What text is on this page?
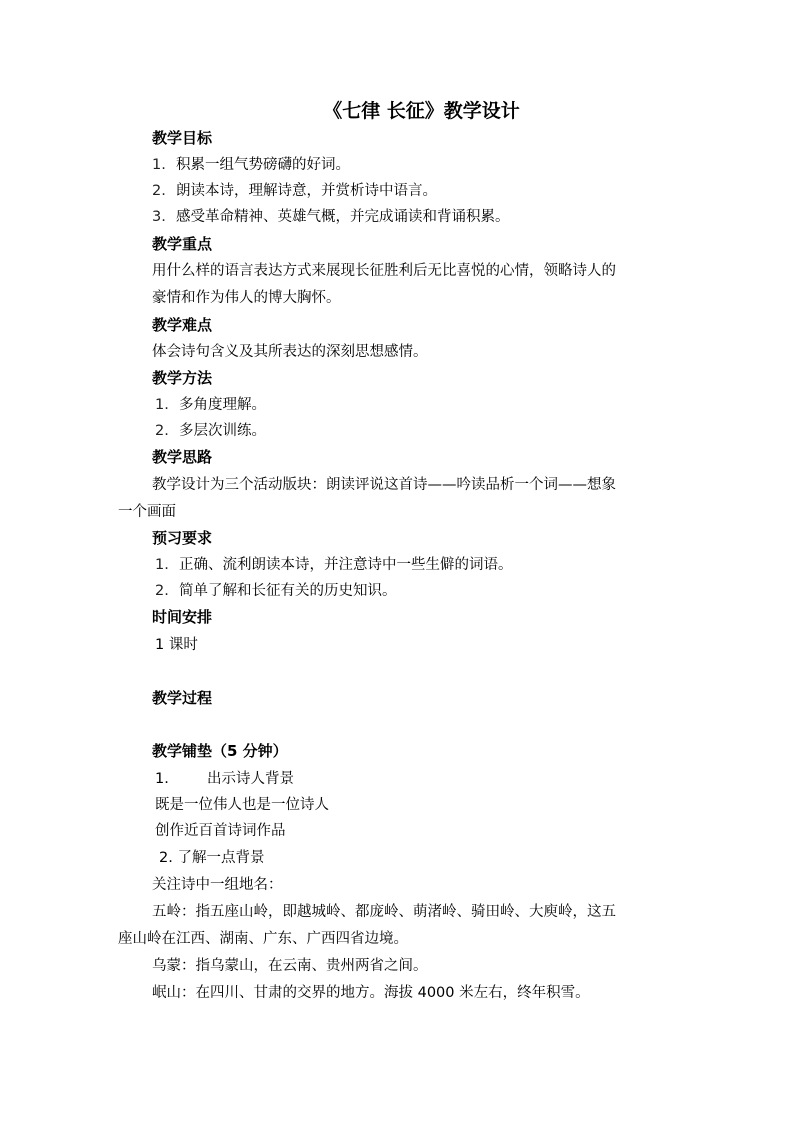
《七律 长征》教学设计
教学目标
1. 积累一组气势磅礴的好词。
2. 朗读本诗，理解诗意，并赏析诗中语言。
3. 感受革命精神、英雄气概，并完成诵读和背诵积累。
教学重点
用什么样的语言表达方式来展现长征胜利后无比喜悦的心情，领略诗人的
豪情和作为伟人的博大胸怀。
教学难点
体会诗句含义及其所表达的深刻思想感情。
教学方法
1. 多角度理解。
2. 多层次训练。
教学思路
教学设计为三个活动版块：朗读评说这首诗——吟读品析一个词——想象
一个画面
预习要求
1. 正确、流利朗读本诗，并注意诗中一些生僻的词语。
2. 简单了解和长征有关的历史知识。
时间安排
1 课时
教学过程
教学铺垫（5 分钟）
1.	出示诗人背景
既是一位伟人也是一位诗人
创作近百首诗词作品
2. 了解一点背景
关注诗中一组地名：
五岭：指五座山岭，即越城岭、都庞岭、萌渚岭、骑田岭、大庾岭，这五
座山岭在江西、湖南、广东、广西四省边境。
乌蒙：指乌蒙山，在云南、贵州两省之间。
岷山：在四川、甘肃的交界的地方。海拔 4000 米左右，终年积雪。
